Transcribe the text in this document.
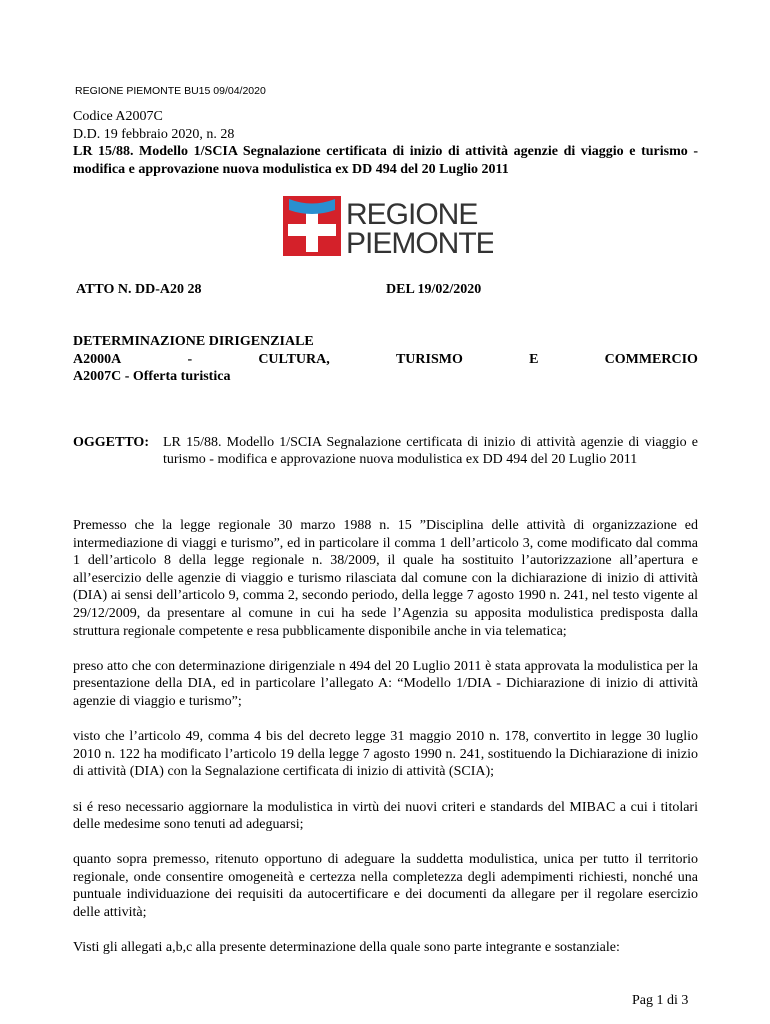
REGIONE PIEMONTE BU15 09/04/2020
Codice A2007C
D.D. 19 febbraio 2020, n. 28
LR 15/88. Modello 1/SCIA Segnalazione certificata di inizio di attività agenzie di viaggio e turismo - modifica e approvazione nuova modulistica ex DD 494 del 20 Luglio 2011
REGIONE
PIEMONTE
ATTO N. DD-A20 28	DEL 19/02/2020
DETERMINAZIONE DIRIGENZIALE
A2000A	-	CULTURA,	TURISMO	E	COMMERCIO
A2007C - Offerta turistica
OGGETTO:	LR 15/88. Modello 1/SCIA Segnalazione certificata di inizio di attività agenzie di viaggio e turismo - modifica e approvazione nuova modulistica ex DD 494 del 20 Luglio 2011

Premesso che la legge regionale 30 marzo 1988 n. 15 ”Disciplina delle attività di organizzazione ed intermediazione di viaggi e turismo”, ed in particolare il comma 1 dell’articolo 3, come modificato dal comma 1 dell’articolo 8 della legge regionale n. 38/2009, il quale ha sostituito l’autorizzazione all’apertura e all’esercizio delle agenzie di viaggio e turismo rilasciata dal comune con la dichiarazione di inizio di attività (DIA) ai sensi dell’articolo 9, comma 2, secondo periodo, della legge 7 agosto 1990 n. 241, nel testo vigente al 29/12/2009, da presentare al comune in cui ha sede l’Agenzia su apposita modulistica predisposta dalla struttura regionale competente e resa pubblicamente disponibile anche in via telematica;

preso atto che con determinazione dirigenziale n 494 del 20 Luglio 2011 è stata approvata la modulistica per la presentazione della DIA, ed in particolare l’allegato A: “Modello 1/DIA - Dichiarazione di inizio di attività agenzie di viaggio e turismo”;

visto che l’articolo 49, comma 4 bis del decreto legge 31 maggio 2010 n. 178, convertito in legge 30 luglio 2010 n. 122 ha modificato l’articolo 19 della legge 7 agosto 1990 n. 241, sostituendo la Dichiarazione di inizio di attività (DIA) con la Segnalazione certificata di inizio di attività (SCIA);

si é reso necessario aggiornare la modulistica in virtù dei nuovi criteri e standards del MIBAC a cui i titolari delle medesime sono tenuti ad adeguarsi;

quanto sopra premesso, ritenuto opportuno di adeguare la suddetta modulistica, unica per tutto il territorio regionale, onde consentire omogeneità e certezza nella completezza degli adempimenti richiesti, nonché una puntuale individuazione dei requisiti da autocertificare e dei documenti da allegare per il regolare esercizio delle attività;

Visti gli allegati a,b,c alla presente determinazione della quale sono parte integrante e sostanziale:

Pag 1 di 3
